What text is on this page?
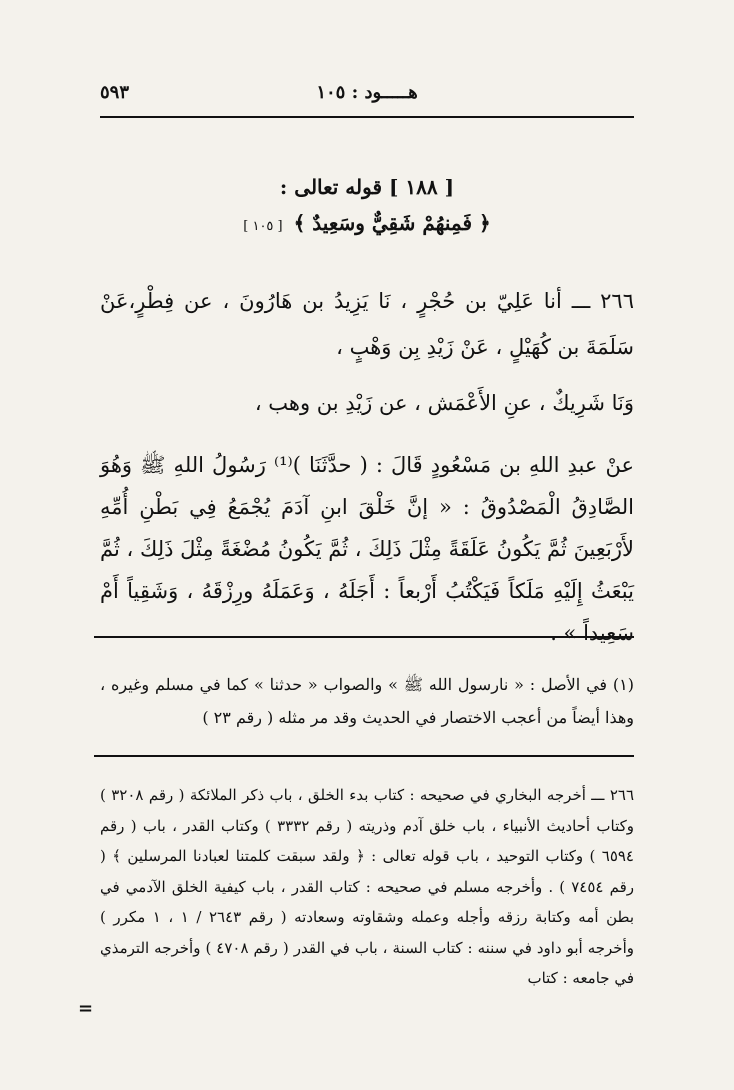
هـــــود : ١٠٥
٥٩٣
[ ١٨٨ ] قوله تعالى :
﴿ فَمِنهُمْ شَقِيٌّ وسَعِيدٌ ﴾ [ ١٠٥ ]

٢٦٦ ـــ أنا عَلِيّ بن حُجْرٍ ، نَا يَزِيدُ بن هَارُونَ ، عن فِطْرٍ،عَنْ سَلَمَةَ بن كُهَيْلٍ ، عَنْ زَيْدِ بِن وَهْبٍ ،

وَنَا شَرِيكٌ ، عنِ الأَعْمَش ، عن زَيْدِ بن وهب ،

عنْ عبدِ اللهِ بن مَسْعُودٍ قَالَ : ( حدَّثَنَا )⁽¹⁾ رَسُولُ اللهِ ﷺ وَهُوَ الصَّادِقُ الْمَصْدُوقُ : « إنَّ خَلْقَ ابنِ آدَمَ يُجْمَعُ فِي بَطْنِ أُمِّهِ لأَرْبَعِينَ ثُمَّ يَكُونُ عَلَقَةً مِثْلَ ذَلِكَ ، ثُمَّ يَكُونُ مُضْغَةً مِثْلَ ذَلِكَ ، ثُمَّ يَبْعَثُ إِلَيْهِ مَلَكاً فَيَكْتُبُ أَرْبعاً : أَجَلَهُ ، وَعَمَلَهُ ورِزْقَهُ ، وَشَقِياً أَمْ سَعِيداً » .

(١) في الأصل : « نارسول الله ﷺ » والصواب « حدثنا » كما في مسلم وغيره ، وهذا أيضاً من أعجب الاختصار في الحديث وقد مر مثله ( رقم ٢٣ )

٢٦٦ ـــ أخرجه البخاري في صحيحه : كتاب بدء الخلق ، باب ذكر الملائكة ( رقم ٣٢٠٨ ) وكتاب أحاديث الأنبياء ، باب خلق آدم وذريته ( رقم ٣٣٣٢ ) وكتاب القدر ، باب ( رقم ٦٥٩٤ ) وكتاب التوحيد ، باب قوله تعالى : ﴿ ولقد سبقت كلمتنا لعبادنا المرسلين ﴾ ( رقم ٧٤٥٤ ) . وأخرجه مسلم في صحيحه : كتاب القدر ، باب كيفية الخلق الآدمي في بطن أمه وكتابة رزقه وأجله وعمله وشقاوته وسعادته ( رقم ٢٦٤٣ / ١ ، ١ مكرر ) وأخرجه أبو داود في سننه : كتاب السنة ، باب في القدر ( رقم ٤٧٠٨ ) وأخرجه الترمذي في جامعه : كتاب

=
